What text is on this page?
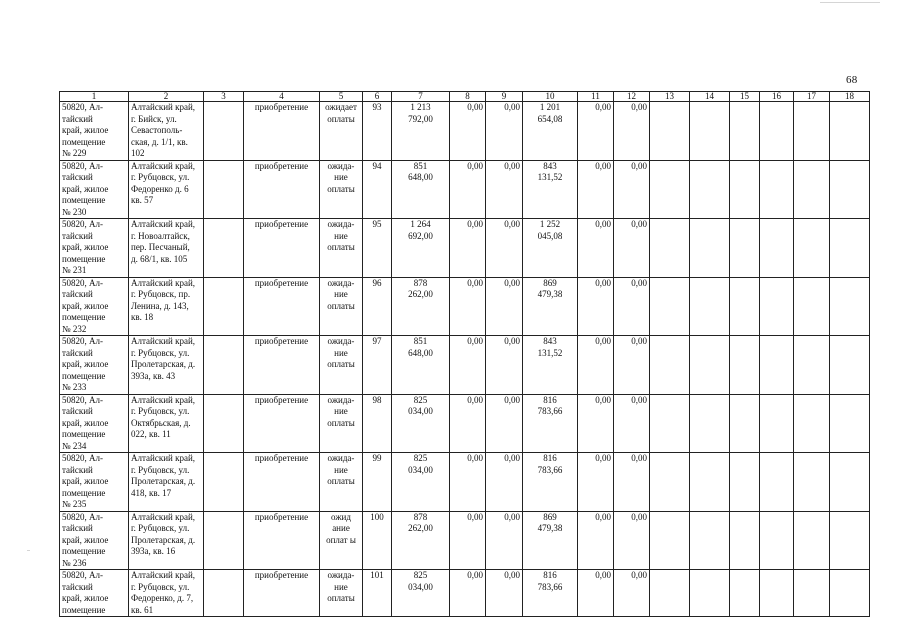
68
1	2	3	4	5	6	7	8	9	10	11	12	13	14	15	16	17	18

50820, Ал-
тайский
край, жилое
помещение
№ 229	Алтайский край,
г. Бийск, ул.
Севастополь-
ская, д. 1/1, кв.
102		приобретение	ожидает
оплаты	93	1 213
792,00	0,00	0,00	1 201
654,08	0,00	0,00						

50820, Ал-
тайский
край, жилое
помещение
№ 230	Алтайский край,
г. Рубцовск, ул.
Федоренко д. 6
кв. 57		приобретение	ожида-
ние
оплаты	94	851
648,00	0,00	0,00	843
131,52	0,00	0,00						

50820, Ал-
тайский
край, жилое
помещение
№ 231	Алтайский край,
г. Новоалтайск,
пер. Песчаный,
д. 68/1, кв. 105		приобретение	ожида-
ние
оплаты	95	1 264
692,00	0,00	0,00	1 252
045,08	0,00	0,00						

50820, Ал-
тайский
край, жилое
помещение
№ 232	Алтайский край,
г. Рубцовск, пр.
Ленина, д. 143,
кв. 18		приобретение	ожида-
ние
оплаты	96	878
262,00	0,00	0,00	869
479,38	0,00	0,00						

50820, Ал-
тайский
край, жилое
помещение
№ 233	Алтайский край,
г. Рубцовск, ул.
Пролетарская, д.
393а, кв. 43		приобретение	ожида-
ние
оплаты	97	851
648,00	0,00	0,00	843
131,52	0,00	0,00						

50820, Ал-
тайский
край, жилое
помещение
№ 234	Алтайский край,
г. Рубцовск, ул.
Октябрьская, д.
022, кв. 11		приобретение	ожида-
ние
оплаты	98	825
034,00	0,00	0,00	816
783,66	0,00	0,00						

50820, Ал-
тайский
край, жилое
помещение
№ 235	Алтайский край,
г. Рубцовск, ул.
Пролетарская, д.
418, кв. 17		приобретение	ожида-
ние
оплаты	99	825
034,00	0,00	0,00	816
783,66	0,00	0,00						

50820, Ал-
тайский
край, жилое
помещение
№ 236	Алтайский край,
г. Рубцовск, ул.
Пролетарская, д.
393а, кв. 16		приобретение	ожид
ание
оплат ы	100	878
262,00	0,00	0,00	869
479,38	0,00	0,00						

50820, Ал-
тайский
край, жилое
помещение	Алтайский край,
г. Рубцовск, ул.
Федоренко, д. 7,
кв. 61		приобретение	ожида-
ние
оплаты	101	825
034,00	0,00	0,00	816
783,66	0,00	0,00						
